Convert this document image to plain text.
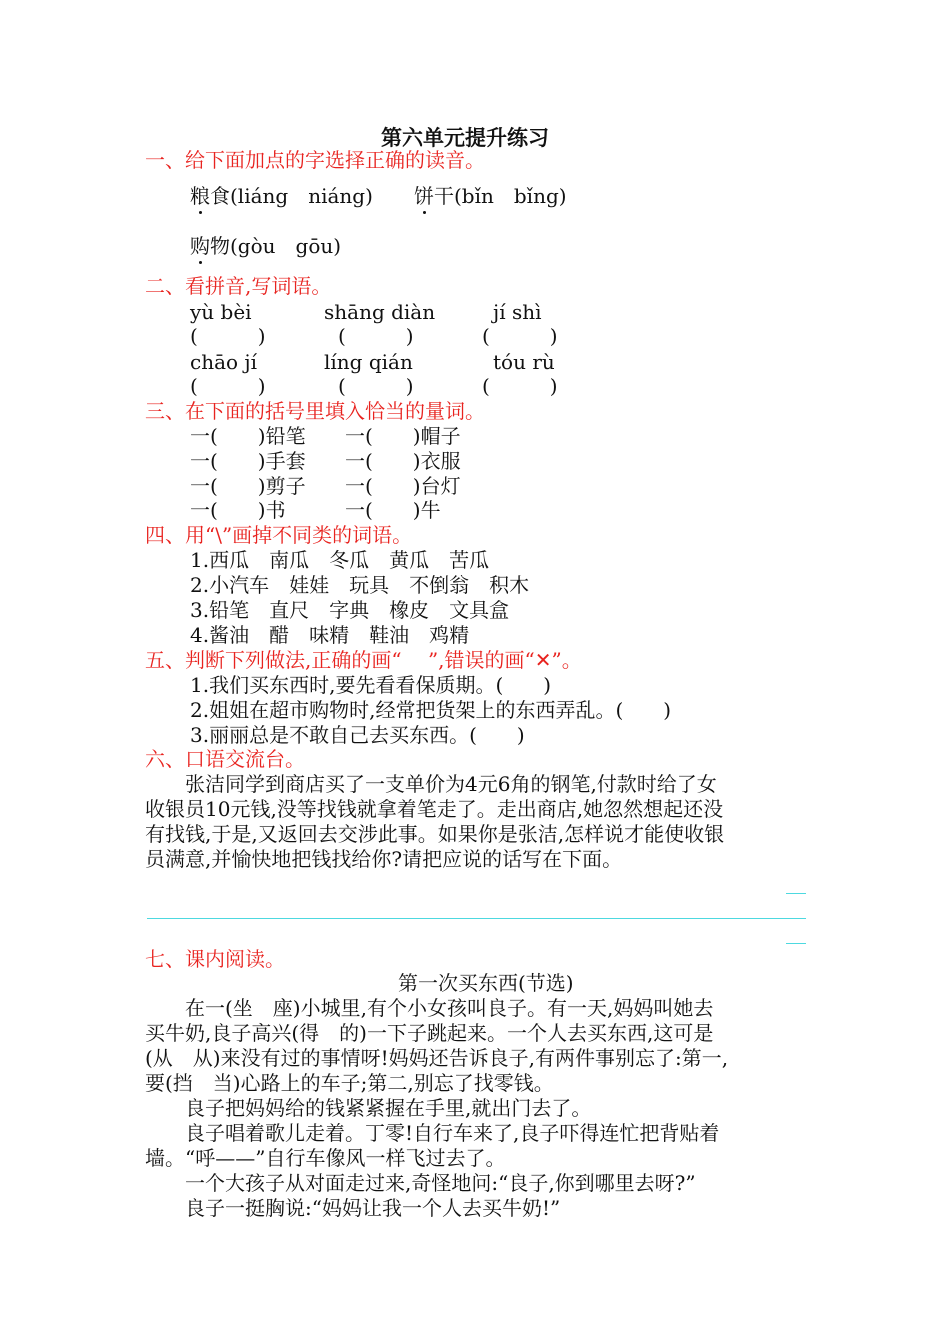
第六单元提升练习
一、给下面加点的字选择正确的读音。
粮食(liáng　niáng) 饼干(bǐn　bǐng)
购物(gòu　gōu)
二、看拼音,写词语。
yù bèi	shāng diàn	jí shì
(　　　)	(　　　)	(　　　)
chāo jí	líng qián	tóu rù
(　　　)	(　　　)	(　　　)
三、在下面的括号里填入恰当的量词。
一(　　)铅笔 一(　　)帽子
一(　　)手套 一(　　)衣服
一(　　)剪子 一(　　)台灯
一(　　)书	一(　　)牛
四、用“\”画掉不同类的词语。
1.西瓜　南瓜　冬瓜　黄瓜　苦瓜
2.小汽车　娃娃　玩具　不倒翁　积木
3.铅笔　直尺　字典　橡皮　文具盒
4.酱油　醋　味精　鞋油　鸡精
五、判断下列做法,正确的画“　 ”,错误的画“✕”。
1.我们买东西时,要先看看保质期。(　　)
2.姐姐在超市购物时,经常把货架上的东西弄乱。(　　)
3.丽丽总是不敢自己去买东西。(　　)
六、口语交流台。
　　张洁同学到商店买了一支单价为4元6角的钢笔,付款时给了女
收银员10元钱,没等找钱就拿着笔走了。走出商店,她忽然想起还没
有找钱,于是,又返回去交涉此事。如果你是张洁,怎样说才能使收银
员满意,并愉快地把钱找给你?请把应说的话写在下面。
七、课内阅读。
第一次买东西(节选)
　　在一(坐　座)小城里,有个小女孩叫良子。有一天,妈妈叫她去
买牛奶,良子高兴(得　的)一下子跳起来。一个人去买东西,这可是
(从　从)来没有过的事情呀!妈妈还告诉良子,有两件事别忘了:第一,
要(挡　当)心路上的车子;第二,别忘了找零钱。
　　良子把妈妈给的钱紧紧握在手里,就出门去了。
　　良子唱着歌儿走着。丁零!自行车来了,良子吓得连忙把背贴着
墙。“呼——”自行车像风一样飞过去了。
　　一个大孩子从对面走过来,奇怪地问:“良子,你到哪里去呀?”
　　良子一挺胸说:“妈妈让我一个人去买牛奶!”
